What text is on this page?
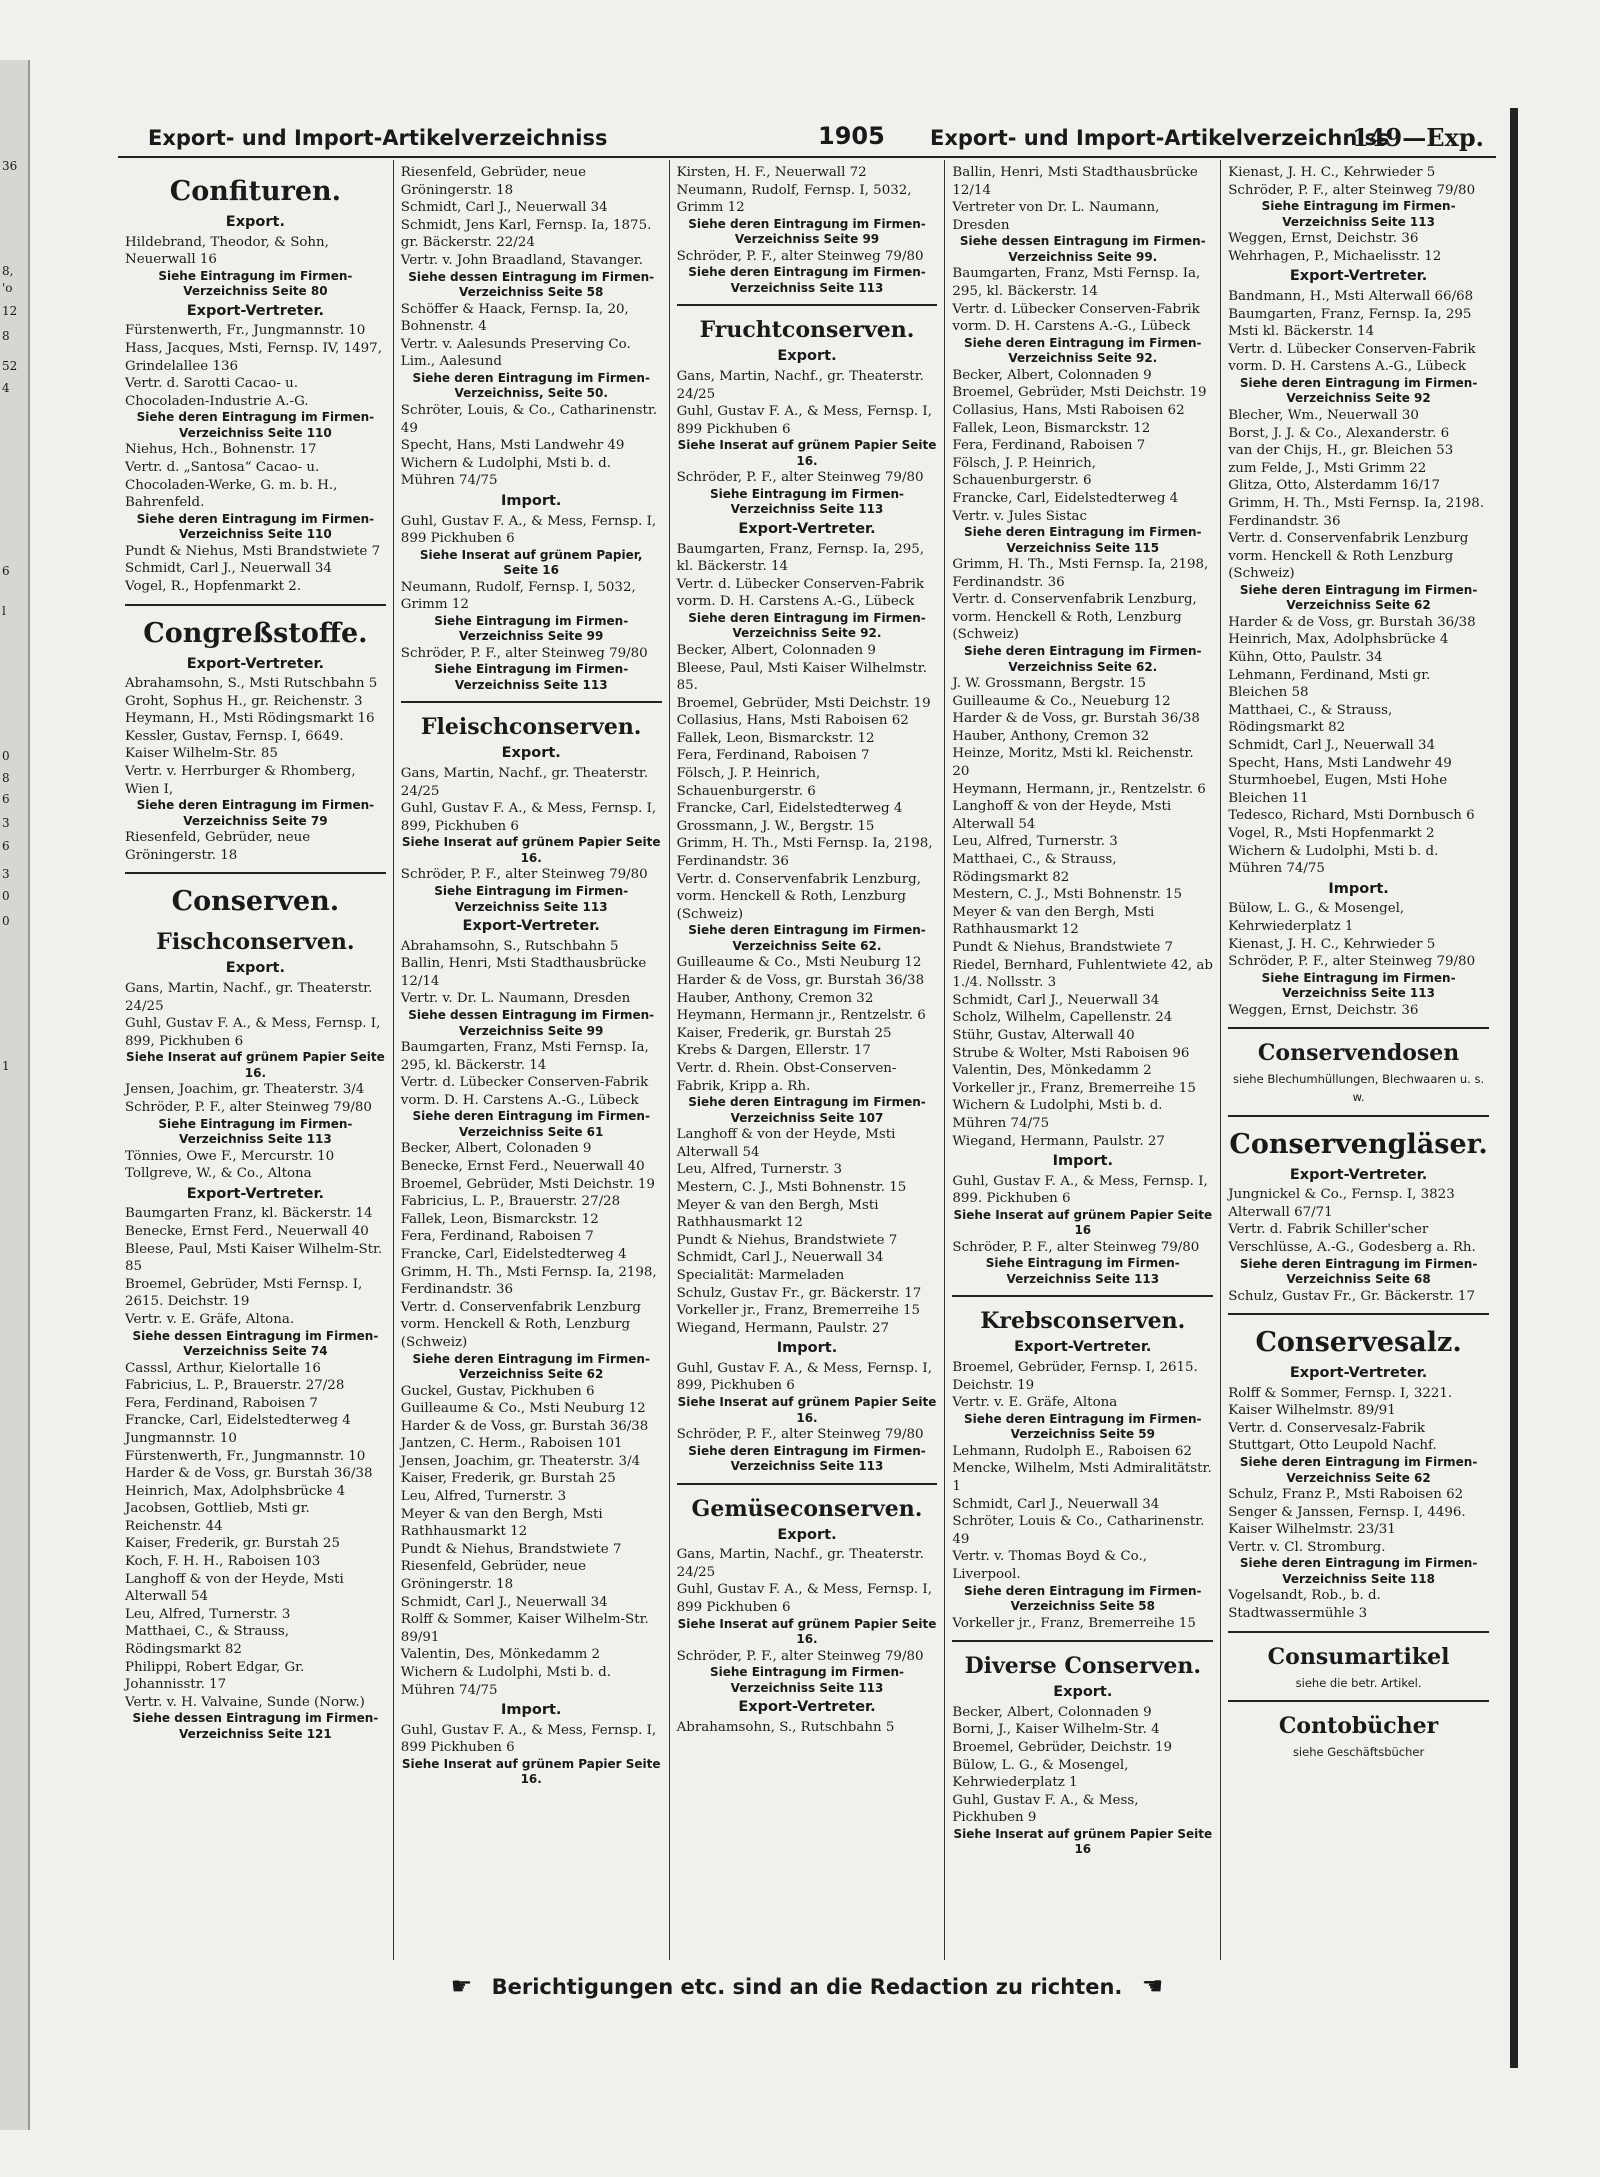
36
8,
'o
12
8
52
4
6
l
0
8
6
3
6
3
0
0
1
Export- und Import-Artikelverzeichniss	1905 Export- und Import-Artikelverzeichniss
149—Exp.
Confituren.
Export.
Hildebrand, Theodor, & Sohn, Neuerwall 16
Siehe Eintragung im Firmen-Verzeichniss Seite 80
Export-Vertreter.
Fürstenwerth, Fr., Jungmannstr. 10
Hass, Jacques, Msti, Fernsp. IV, 1497, Grindelallee 136
Vertr. d. Sarotti Cacao- u. Chocoladen-Industrie A.-G.
Siehe deren Eintragung im Firmen-Verzeichniss Seite 110
Niehus, Hch., Bohnenstr. 17
Vertr. d. „Santosa“ Cacao- u. Chocoladen-Werke, G. m. b. H., Bahrenfeld.
Siehe deren Eintragung im Firmen-Verzeichniss Seite 110
Pundt & Niehus, Msti Brandstwiete 7
Schmidt, Carl J., Neuerwall 34
Vogel, R., Hopfenmarkt 2.
Congreßstoffe.
Export-Vertreter.
Abrahamsohn, S., Msti Rutschbahn 5
Groht, Sophus H., gr. Reichenstr. 3
Heymann, H., Msti Rödingsmarkt 16
Kessler, Gustav, Fernsp. I, 6649. Kaiser Wilhelm-Str. 85
Vertr. v. Herrburger & Rhomberg, Wien I,
Siehe deren Eintragung im Firmen-Verzeichniss Seite 79
Riesenfeld, Gebrüder, neue Gröningerstr. 18
Conserven.
Fischconserven.
Export.
Gans, Martin, Nachf., gr. Theaterstr. 24/25
Guhl, Gustav F. A., & Mess, Fernsp. I, 899, Pickhuben 6
Siehe Inserat auf grünem Papier Seite 16.
Jensen, Joachim, gr. Theaterstr. 3/4
Schröder, P. F., alter Steinweg 79/80
Siehe Eintragung im Firmen-Verzeichniss Seite 113
Tönnies, Owe F., Mercurstr. 10
Tollgreve, W., & Co., Altona
Export-Vertreter.
Baumgarten Franz, kl. Bäckerstr. 14
Benecke, Ernst Ferd., Neuerwall 40
Bleese, Paul, Msti Kaiser Wilhelm-Str. 85
Broemel, Gebrüder, Msti Fernsp. I, 2615. Deichstr. 19
Vertr. v. E. Gräfe, Altona.
Siehe dessen Eintragung im Firmen-Verzeichniss Seite 74
Casssl, Arthur, Kielortalle 16
Fabricius, L. P., Brauerstr. 27/28
Fera, Ferdinand, Raboisen 7
Francke, Carl, Eidelstedterweg 4
Jungmannstr. 10
Fürstenwerth, Fr., Jungmannstr. 10
Harder & de Voss, gr. Burstah 36/38
Heinrich, Max, Adolphsbrücke 4
Jacobsen, Gottlieb, Msti gr. Reichenstr. 44
Kaiser, Frederik, gr. Burstah 25
Koch, F. H. H., Raboisen 103
Langhoff & von der Heyde, Msti Alterwall 54
Leu, Alfred, Turnerstr. 3
Matthaei, C., & Strauss, Rödingsmarkt 82
Philippi, Robert Edgar, Gr. Johannisstr. 17
Vertr. v. H. Valvaine, Sunde (Norw.)
Siehe dessen Eintragung im Firmen-Verzeichniss Seite 121
Riesenfeld, Gebrüder, neue Gröningerstr. 18
Schmidt, Carl J., Neuerwall 34
Schmidt, Jens Karl, Fernsp. Ia, 1875. gr. Bäckerstr. 22/24
Vertr. v. John Braadland, Stavanger.
Siehe dessen Eintragung im Firmen-Verzeichniss Seite 58
Schöffer & Haack, Fernsp. Ia, 20, Bohnenstr. 4
Vertr. v. Aalesunds Preserving Co. Lim., Aalesund
Siehe deren Eintragung im Firmen-Verzeichniss, Seite 50.
Schröter, Louis, & Co., Catharinenstr. 49
Specht, Hans, Msti Landwehr 49
Wichern & Ludolphi, Msti b. d. Mühren 74/75
Import.
Guhl, Gustav F. A., & Mess, Fernsp. I, 899 Pickhuben 6
Siehe Inserat auf grünem Papier, Seite 16
Neumann, Rudolf, Fernsp. I, 5032, Grimm 12
Siehe Eintragung im Firmen-Verzeichniss Seite 99
Schröder, P. F., alter Steinweg 79/80
Siehe Eintragung im Firmen-Verzeichniss Seite 113
Fleischconserven.
Export.
Gans, Martin, Nachf., gr. Theaterstr. 24/25
Guhl, Gustav F. A., & Mess, Fernsp. I, 899, Pickhuben 6
Siehe Inserat auf grünem Papier Seite 16.
Schröder, P. F., alter Steinweg 79/80
Siehe Eintragung im Firmen-Verzeichniss Seite 113
Export-Vertreter.
Abrahamsohn, S., Rutschbahn 5
Ballin, Henri, Msti Stadthausbrücke 12/14
Vertr. v. Dr. L. Naumann, Dresden
Siehe dessen Eintragung im Firmen-Verzeichniss Seite 99
Baumgarten, Franz, Msti Fernsp. Ia, 295, kl. Bäckerstr. 14
Vertr. d. Lübecker Conserven-Fabrik vorm. D. H. Carstens A.-G., Lübeck
Siehe deren Eintragung im Firmen-Verzeichniss Seite 61
Becker, Albert, Colonaden 9
Benecke, Ernst Ferd., Neuerwall 40
Broemel, Gebrüder, Msti Deichstr. 19
Fabricius, L. P., Brauerstr. 27/28
Fallek, Leon, Bismarckstr. 12
Fera, Ferdinand, Raboisen 7
Francke, Carl, Eidelstedterweg 4
Grimm, H. Th., Msti Fernsp. Ia, 2198, Ferdinandstr. 36
Vertr. d. Conservenfabrik Lenzburg vorm. Henckell & Roth, Lenzburg (Schweiz)
Siehe deren Eintragung im Firmen-Verzeichniss Seite 62
Guckel, Gustav, Pickhuben 6
Guilleaume & Co., Msti Neuburg 12
Harder & de Voss, gr. Burstah 36/38
Jantzen, C. Herm., Raboisen 101
Jensen, Joachim, gr. Theaterstr. 3/4
Kaiser, Frederik, gr. Burstah 25
Leu, Alfred, Turnerstr. 3
Meyer & van den Bergh, Msti Rathhausmarkt 12
Pundt & Niehus, Brandstwiete 7
Riesenfeld, Gebrüder, neue Gröningerstr. 18
Schmidt, Carl J., Neuerwall 34
Rolff & Sommer, Kaiser Wilhelm-Str. 89/91
Valentin, Des, Mönkedamm 2
Wichern & Ludolphi, Msti b. d. Mühren 74/75
Import.
Guhl, Gustav F. A., & Mess, Fernsp. I, 899 Pickhuben 6
Siehe Inserat auf grünem Papier Seite 16.
Kirsten, H. F., Neuerwall 72
Neumann, Rudolf, Fernsp. I, 5032, Grimm 12
Siehe deren Eintragung im Firmen-Verzeichniss Seite 99
Schröder, P. F., alter Steinweg 79/80
Siehe deren Eintragung im Firmen-Verzeichniss Seite 113
Fruchtconserven.
Export.
Gans, Martin, Nachf., gr. Theaterstr. 24/25
Guhl, Gustav F. A., & Mess, Fernsp. I, 899 Pickhuben 6
Siehe Inserat auf grünem Papier Seite 16.
Schröder, P. F., alter Steinweg 79/80
Siehe Eintragung im Firmen-Verzeichniss Seite 113
Export-Vertreter.
Baumgarten, Franz, Fernsp. Ia, 295, kl. Bäckerstr. 14
Vertr. d. Lübecker Conserven-Fabrik vorm. D. H. Carstens A.-G., Lübeck
Siehe deren Eintragung im Firmen-Verzeichniss Seite 92.
Becker, Albert, Colonnaden 9
Bleese, Paul, Msti Kaiser Wilhelmstr. 85.
Broemel, Gebrüder, Msti Deichstr. 19
Collasius, Hans, Msti Raboisen 62
Fallek, Leon, Bismarckstr. 12
Fera, Ferdinand, Raboisen 7
Fölsch, J. P. Heinrich, Schauenburgerstr. 6
Francke, Carl, Eidelstedterweg 4
Grossmann, J. W., Bergstr. 15
Grimm, H. Th., Msti Fernsp. Ia, 2198, Ferdinandstr. 36
Vertr. d. Conservenfabrik Lenzburg, vorm. Henckell & Roth, Lenzburg (Schweiz)
Siehe deren Eintragung im Firmen-Verzeichniss Seite 62.
Guilleaume & Co., Msti Neuburg 12
Harder & de Voss, gr. Burstah 36/38
Hauber, Anthony, Cremon 32
Heymann, Hermann jr., Rentzelstr. 6
Kaiser, Frederik, gr. Burstah 25
Krebs & Dargen, Ellerstr. 17
Vertr. d. Rhein. Obst-Conserven-Fabrik, Kripp a. Rh.
Siehe deren Eintragung im Firmen-Verzeichniss Seite 107
Langhoff & von der Heyde, Msti Alterwall 54
Leu, Alfred, Turnerstr. 3
Mestern, C. J., Msti Bohnenstr. 15
Meyer & van den Bergh, Msti Rathhausmarkt 12
Pundt & Niehus, Brandstwiete 7
Schmidt, Carl J., Neuerwall 34
Specialität: Marmeladen
Schulz, Gustav Fr., gr. Bäckerstr. 17
Vorkeller jr., Franz, Bremerreihe 15
Wiegand, Hermann, Paulstr. 27
Import.
Guhl, Gustav F. A., & Mess, Fernsp. I, 899, Pickhuben 6
Siehe Inserat auf grünem Papier Seite 16.
Schröder, P. F., alter Steinweg 79/80
Siehe deren Eintragung im Firmen-Verzeichniss Seite 113
Gemüseconserven.
Export.
Gans, Martin, Nachf., gr. Theaterstr. 24/25
Guhl, Gustav F. A., & Mess, Fernsp. I, 899 Pickhuben 6
Siehe Inserat auf grünem Papier Seite 16.
Schröder, P. F., alter Steinweg 79/80
Siehe Eintragung im Firmen-Verzeichniss Seite 113
Export-Vertreter.
Abrahamsohn, S., Rutschbahn 5
Ballin, Henri, Msti Stadthausbrücke 12/14
Vertreter von Dr. L. Naumann, Dresden
Siehe dessen Eintragung im Firmen-Verzeichniss Seite 99.
Baumgarten, Franz, Msti Fernsp. Ia, 295, kl. Bäckerstr. 14
Vertr. d. Lübecker Conserven-Fabrik vorm. D. H. Carstens A.-G., Lübeck
Siehe deren Eintragung im Firmen-Verzeichniss Seite 92.
Becker, Albert, Colonnaden 9
Broemel, Gebrüder, Msti Deichstr. 19
Collasius, Hans, Msti Raboisen 62
Fallek, Leon, Bismarckstr. 12
Fera, Ferdinand, Raboisen 7
Fölsch, J. P. Heinrich, Schauenburgerstr. 6
Francke, Carl, Eidelstedterweg 4
Vertr. v. Jules Sistac
Siehe deren Eintragung im Firmen-Verzeichniss Seite 115
Grimm, H. Th., Msti Fernsp. Ia, 2198, Ferdinandstr. 36
Vertr. d. Conservenfabrik Lenzburg, vorm. Henckell & Roth, Lenzburg (Schweiz)
Siehe deren Eintragung im Firmen-Verzeichniss Seite 62.
J. W. Grossmann, Bergstr. 15
Guilleaume & Co., Neueburg 12
Harder & de Voss, gr. Burstah 36/38
Hauber, Anthony, Cremon 32
Heinze, Moritz, Msti kl. Reichenstr. 20
Heymann, Hermann, jr., Rentzelstr. 6
Langhoff & von der Heyde, Msti Alterwall 54
Leu, Alfred, Turnerstr. 3
Matthaei, C., & Strauss, Rödingsmarkt 82
Mestern, C. J., Msti Bohnenstr. 15
Meyer & van den Bergh, Msti Rathhausmarkt 12
Pundt & Niehus, Brandstwiete 7
Riedel, Bernhard, Fuhlentwiete 42, ab 1./4. Nollsstr. 3
Schmidt, Carl J., Neuerwall 34
Scholz, Wilhelm, Capellenstr. 24
Stühr, Gustav, Alterwall 40
Strube & Wolter, Msti Raboisen 96
Valentin, Des, Mönkedamm 2
Vorkeller jr., Franz, Bremerreihe 15
Wichern & Ludolphi, Msti b. d. Mühren 74/75
Wiegand, Hermann, Paulstr. 27
Import.
Guhl, Gustav F. A., & Mess, Fernsp. I, 899. Pickhuben 6
Siehe Inserat auf grünem Papier Seite 16
Schröder, P. F., alter Steinweg 79/80
Siehe Eintragung im Firmen-Verzeichniss Seite 113
Krebsconserven.
Export-Vertreter.
Broemel, Gebrüder, Fernsp. I, 2615. Deichstr. 19
Vertr. v. E. Gräfe, Altona
Siehe deren Eintragung im Firmen-Verzeichniss Seite 59
Lehmann, Rudolph E., Raboisen 62
Mencke, Wilhelm, Msti Admiralitätstr. 1
Schmidt, Carl J., Neuerwall 34
Schröter, Louis & Co., Catharinenstr. 49
Vertr. v. Thomas Boyd & Co., Liverpool.
Siehe deren Eintragung im Firmen-Verzeichniss Seite 58
Vorkeller jr., Franz, Bremerreihe 15
Diverse Conserven.
Export.
Becker, Albert, Colonnaden 9
Borni, J., Kaiser Wilhelm-Str. 4
Broemel, Gebrüder, Deichstr. 19
Bülow, L. G., & Mosengel, Kehrwiederplatz 1
Guhl, Gustav F. A., & Mess, Pickhuben 9
Siehe Inserat auf grünem Papier Seite 16
Kienast, J. H. C., Kehrwieder 5
Schröder, P. F., alter Steinweg 79/80
Siehe Eintragung im Firmen-Verzeichniss Seite 113
Weggen, Ernst, Deichstr. 36
Wehrhagen, P., Michaelisstr. 12
Export-Vertreter.
Bandmann, H., Msti Alterwall 66/68
Baumgarten, Franz, Fernsp. Ia, 295 Msti kl. Bäckerstr. 14
Vertr. d. Lübecker Conserven-Fabrik vorm. D. H. Carstens A.-G., Lübeck
Siehe deren Eintragung im Firmen-Verzeichniss Seite 92
Blecher, Wm., Neuerwall 30
Borst, J. J. & Co., Alexanderstr. 6
van der Chijs, H., gr. Bleichen 53
zum Felde, J., Msti Grimm 22
Glitza, Otto, Alsterdamm 16/17
Grimm, H. Th., Msti Fernsp. Ia, 2198. Ferdinandstr. 36
Vertr. d. Conservenfabrik Lenzburg vorm. Henckell & Roth Lenzburg (Schweiz)
Siehe deren Eintragung im Firmen-Verzeichniss Seite 62
Harder & de Voss, gr. Burstah 36/38
Heinrich, Max, Adolphsbrücke 4
Kühn, Otto, Paulstr. 34
Lehmann, Ferdinand, Msti gr. Bleichen 58
Matthaei, C., & Strauss, Rödingsmarkt 82
Schmidt, Carl J., Neuerwall 34
Specht, Hans, Msti Landwehr 49
Sturmhoebel, Eugen, Msti Hohe Bleichen 11
Tedesco, Richard, Msti Dornbusch 6
Vogel, R., Msti Hopfenmarkt 2
Wichern & Ludolphi, Msti b. d. Mühren 74/75
Import.
Bülow, L. G., & Mosengel, Kehrwiederplatz 1
Kienast, J. H. C., Kehrwieder 5
Schröder, P. F., alter Steinweg 79/80
Siehe Eintragung im Firmen-Verzeichniss Seite 113
Weggen, Ernst, Deichstr. 36
Conservendosen
siehe Blechumhüllungen, Blechwaaren u. s. w.
Conservengläser.
Export-Vertreter.
Jungnickel & Co., Fernsp. I, 3823 Alterwall 67/71
Vertr. d. Fabrik Schiller'scher Verschlüsse, A.-G., Godesberg a. Rh.
Siehe deren Eintragung im Firmen-Verzeichniss Seite 68
Schulz, Gustav Fr., Gr. Bäckerstr. 17
Conservesalz.
Export-Vertreter.
Rolff & Sommer, Fernsp. I, 3221. Kaiser Wilhelmstr. 89/91
Vertr. d. Conservesalz-Fabrik Stuttgart, Otto Leupold Nachf.
Siehe deren Eintragung im Firmen-Verzeichniss Seite 62
Schulz, Franz P., Msti Raboisen 62
Senger & Janssen, Fernsp. I, 4496. Kaiser Wilhelmstr. 23/31
Vertr. v. Cl. Stromburg.
Siehe deren Eintragung im Firmen-Verzeichniss Seite 118
Vogelsandt, Rob., b. d. Stadtwassermühle 3
Consumartikel
siehe die betr. Artikel.
Contobücher
siehe Geschäftsbücher
☛ Berichtigungen etc. sind an die Redaction zu richten. ☚
